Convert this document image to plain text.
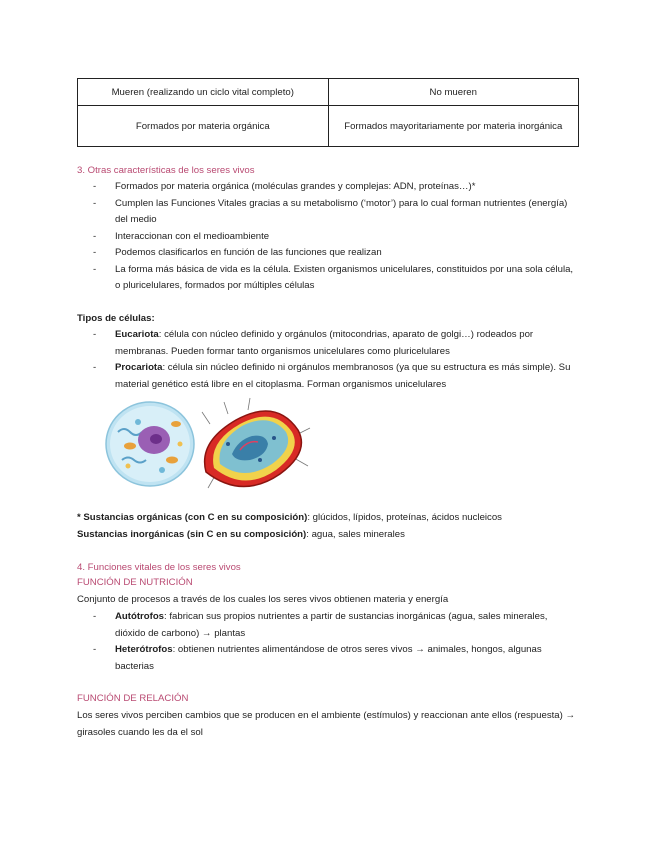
Mueren (realizando un ciclo vital completo)	No mueren
Formados por materia orgánica	Formados mayoritariamente por materia inorgánica
3. Otras características de los seres vivos
- Formados por materia orgánica (moléculas grandes y complejas: ADN, proteínas…)*
- Cumplen las Funciones Vitales gracias a su metabolismo (‘motor’) para lo cual forman nutrientes (energía) del medio
- Interaccionan con el medioambiente
- Podemos clasificarlos en función de las funciones que realizan
- La forma más básica de vida es la célula. Existen organismos unicelulares, constituidos por una sola célula, o pluricelulares, formados por múltiples células
Tipos de células:
- Eucariota: célula con núcleo definido y orgánulos (mitocondrias, aparato de golgi…) rodeados por membranas. Pueden formar tanto organismos unicelulares como pluricelulares
- Procariota: célula sin núcleo definido ni orgánulos membranosos (ya que su estructura es más simple). Su material genético está libre en el citoplasma. Forman organismos unicelulares
* Sustancias orgánicas (con C en su composición): glúcidos, lípidos, proteínas, ácidos nucleicos
Sustancias inorgánicas (sin C en su composición): agua, sales minerales
4. Funciones vitales de los seres vivos
FUNCIÓN DE NUTRICIÓN
Conjunto de procesos a través de los cuales los seres vivos obtienen materia y energía
- Autótrofos: fabrican sus propios nutrientes a partir de sustancias inorgánicas (agua, sales minerales, dióxido de carbono) → plantas
- Heterótrofos: obtienen nutrientes alimentándose de otros seres vivos → animales, hongos, algunas bacterias
FUNCIÓN DE RELACIÓN
Los seres vivos perciben cambios que se producen en el ambiente (estímulos) y reaccionan ante ellos (respuesta) → girasoles cuando les da el sol
